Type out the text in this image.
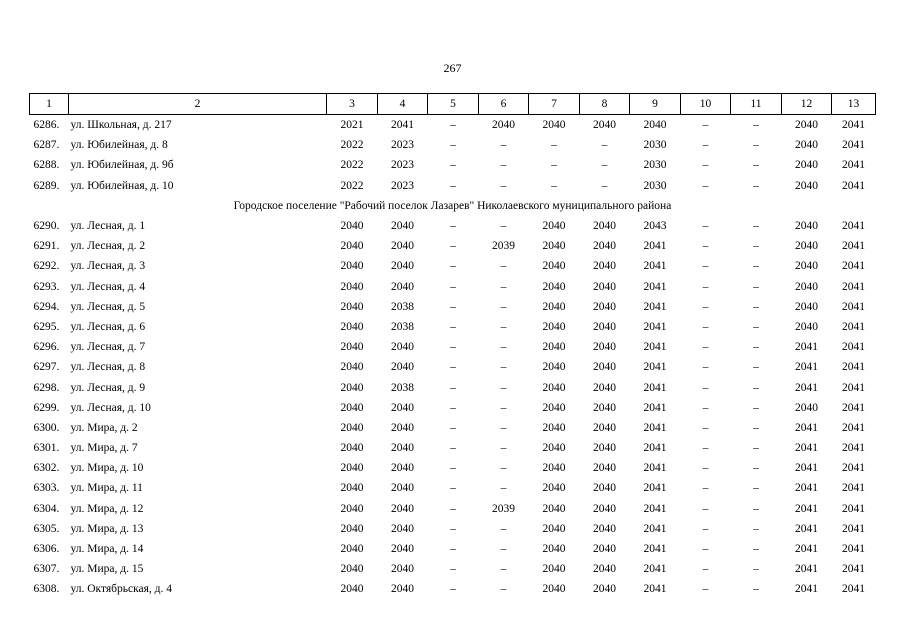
267
1	2	3	4	5	6	7	8	9	10	11	12	13
6286.	ул. Школьная, д. 217	2021	2041	–	2040	2040	2040	2040	–	–	2040	2041
6287.	ул. Юбилейная, д. 8	2022	2023	–	–	–	–	2030	–	–	2040	2041
6288.	ул. Юбилейная, д. 9б	2022	2023	–	–	–	–	2030	–	–	2040	2041
6289.	ул. Юбилейная, д. 10	2022	2023	–	–	–	–	2030	–	–	2040	2041
Городское поселение "Рабочий поселок Лазарев" Николаевского муниципального района												
6290.	ул. Лесная, д. 1	2040	2040	–	–	2040	2040	2043	–	–	2040	2041
6291.	ул. Лесная, д. 2	2040	2040	–	2039	2040	2040	2041	–	–	2040	2041
6292.	ул. Лесная, д. 3	2040	2040	–	–	2040	2040	2041	–	–	2040	2041
6293.	ул. Лесная, д. 4	2040	2040	–	–	2040	2040	2041	–	–	2040	2041
6294.	ул. Лесная, д. 5	2040	2038	–	–	2040	2040	2041	–	–	2040	2041
6295.	ул. Лесная, д. 6	2040	2038	–	–	2040	2040	2041	–	–	2040	2041
6296.	ул. Лесная, д. 7	2040	2040	–	–	2040	2040	2041	–	–	2041	2041
6297.	ул. Лесная, д. 8	2040	2040	–	–	2040	2040	2041	–	–	2041	2041
6298.	ул. Лесная, д. 9	2040	2038	–	–	2040	2040	2041	–	–	2041	2041
6299.	ул. Лесная, д. 10	2040	2040	–	–	2040	2040	2041	–	–	2040	2041
6300.	ул. Мира, д. 2	2040	2040	–	–	2040	2040	2041	–	–	2041	2041
6301.	ул. Мира, д. 7	2040	2040	–	–	2040	2040	2041	–	–	2041	2041
6302.	ул. Мира, д. 10	2040	2040	–	–	2040	2040	2041	–	–	2041	2041
6303.	ул. Мира, д. 11	2040	2040	–	–	2040	2040	2041	–	–	2041	2041
6304.	ул. Мира, д. 12	2040	2040	–	2039	2040	2040	2041	–	–	2041	2041
6305.	ул. Мира, д. 13	2040	2040	–	–	2040	2040	2041	–	–	2041	2041
6306.	ул. Мира, д. 14	2040	2040	–	–	2040	2040	2041	–	–	2041	2041
6307.	ул. Мира, д. 15	2040	2040	–	–	2040	2040	2041	–	–	2041	2041
6308.	ул. Октябрьская, д. 4	2040	2040	–	–	2040	2040	2041	–	–	2041	2041
